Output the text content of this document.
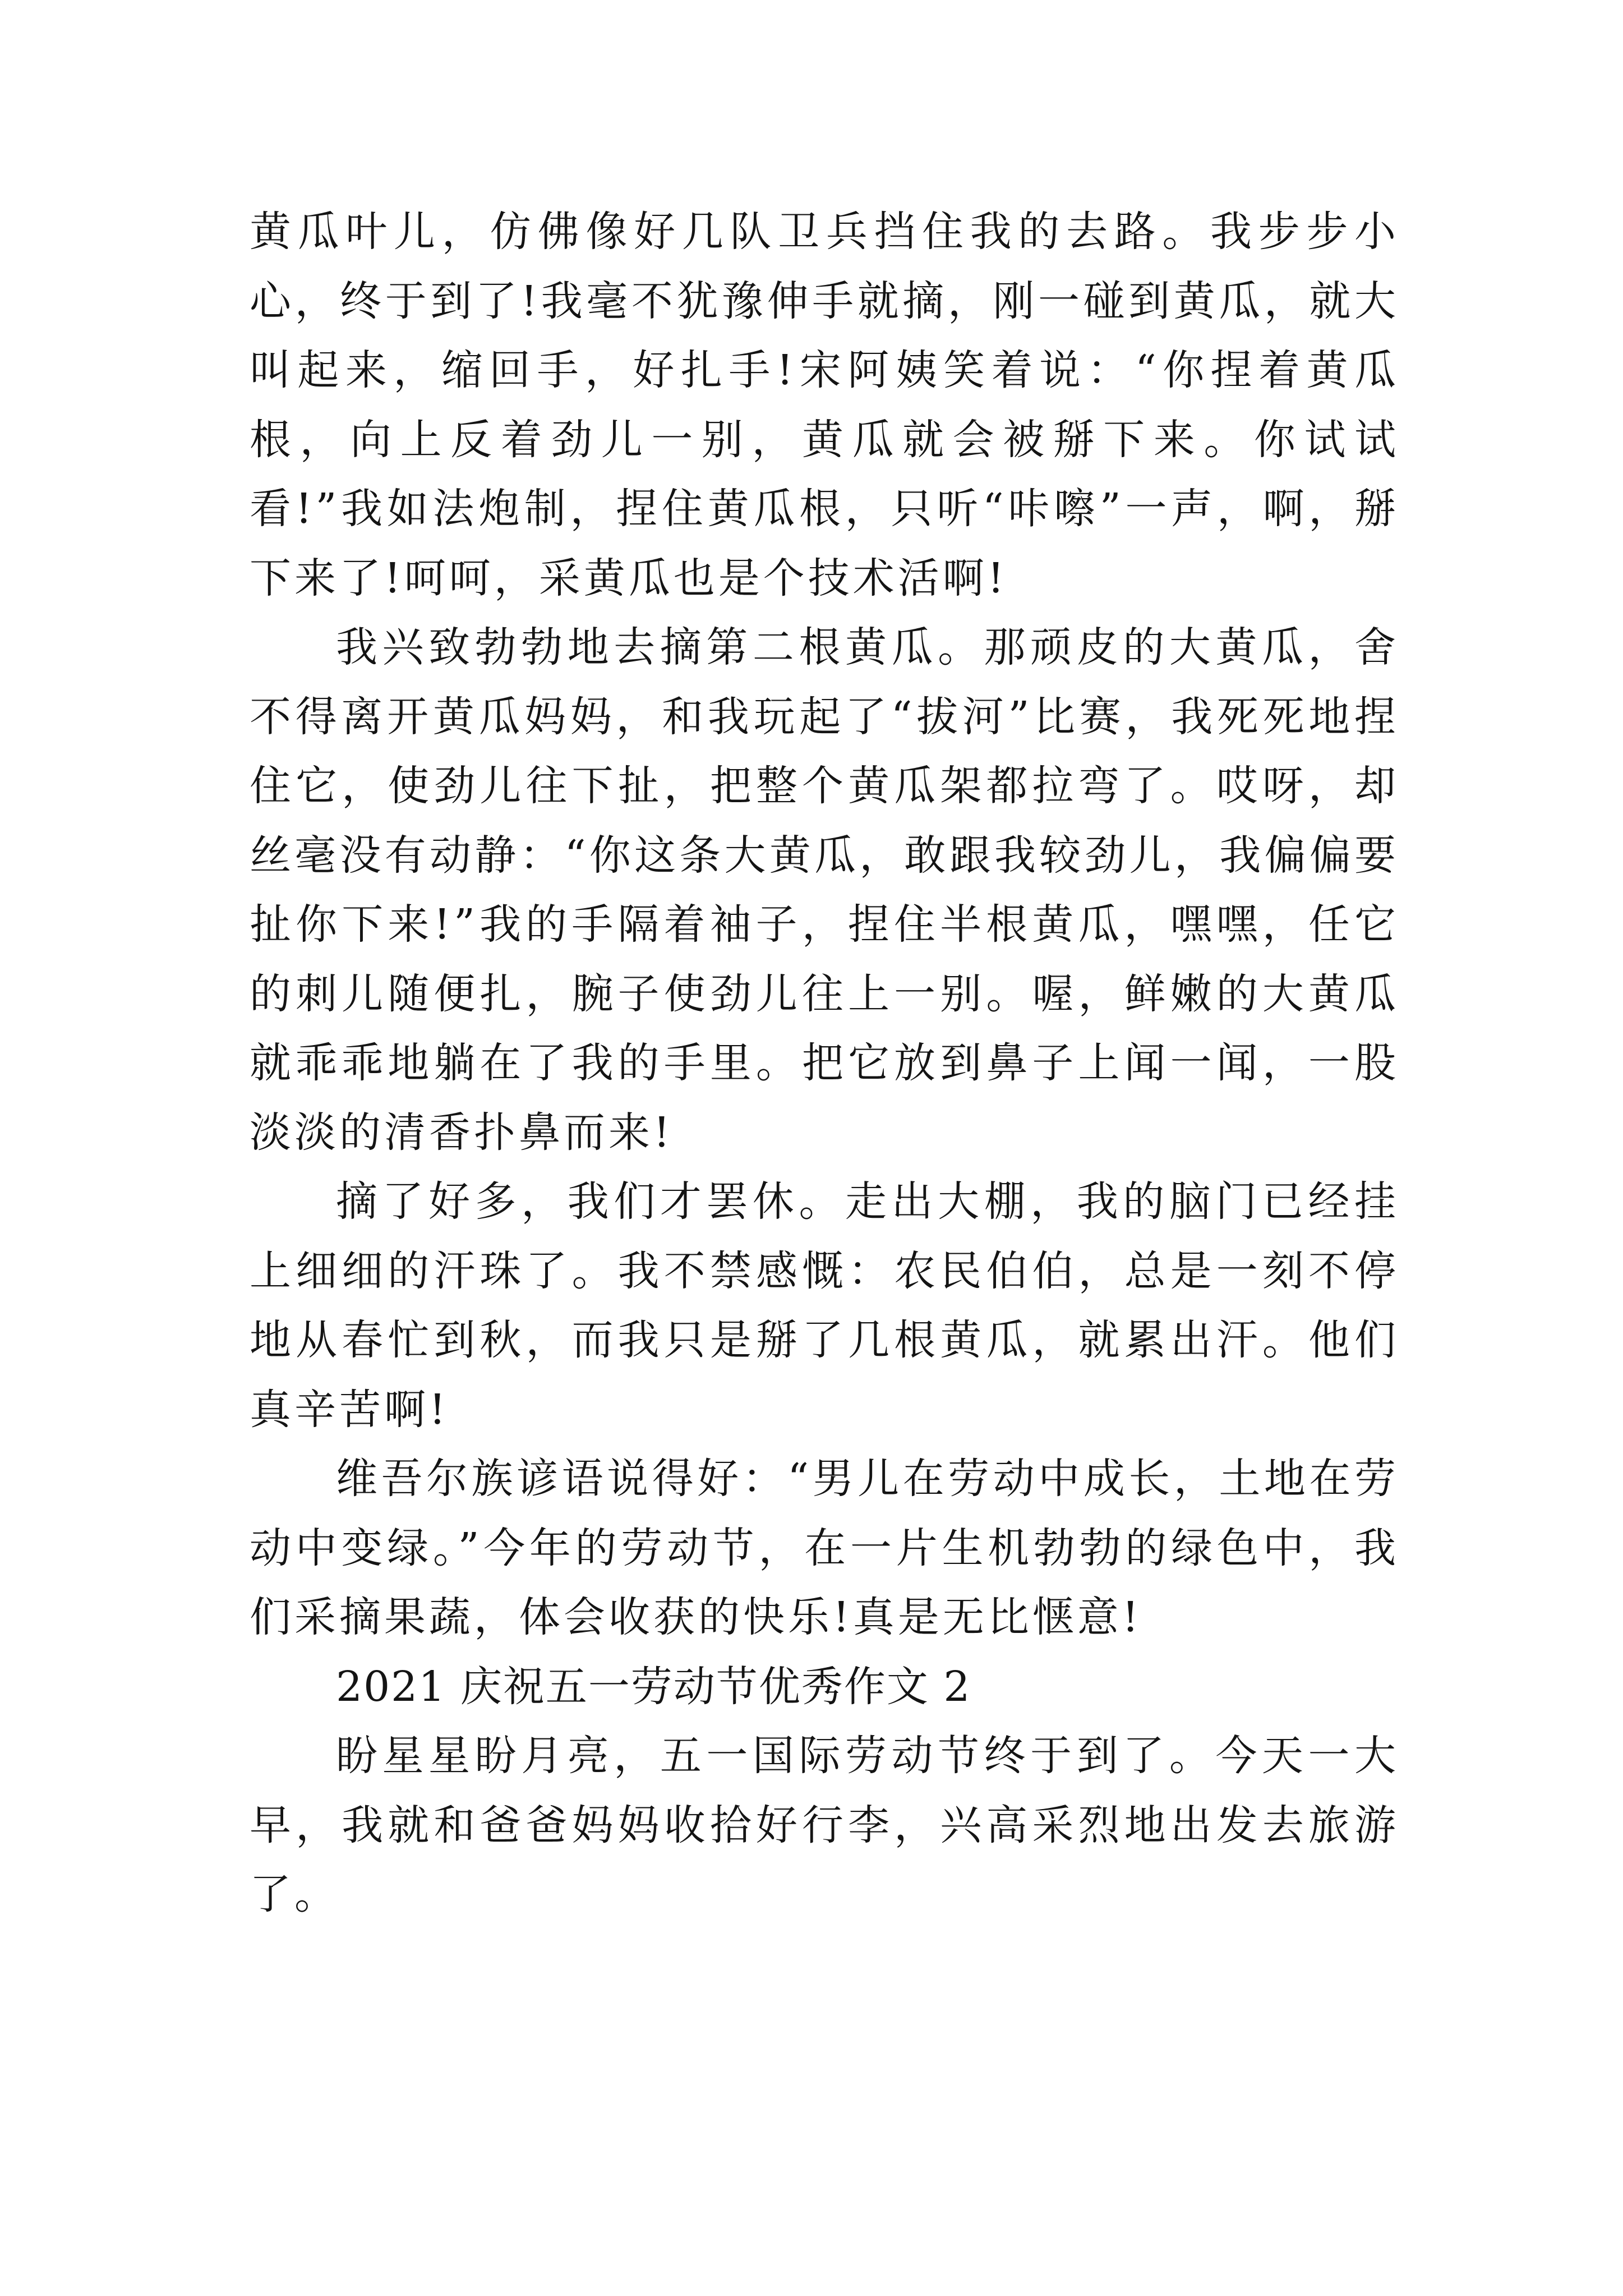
黄瓜叶儿，仿佛像好几队卫兵挡住我的去路。我步步小心，终于到了!我毫不犹豫伸手就摘，刚一碰到黄瓜，就大叫起来，缩回手，好扎手!宋阿姨笑着说：“你捏着黄瓜根，向上反着劲儿一别，黄瓜就会被掰下来。你试试看!”我如法炮制，捏住黄瓜根，只听“咔嚓”一声，啊，掰下来了!呵呵，采黄瓜也是个技术活啊!

我兴致勃勃地去摘第二根黄瓜。那顽皮的大黄瓜，舍不得离开黄瓜妈妈，和我玩起了“拔河”比赛，我死死地捏住它，使劲儿往下扯，把整个黄瓜架都拉弯了。哎呀，却丝毫没有动静：“你这条大黄瓜，敢跟我较劲儿，我偏偏要扯你下来!”我的手隔着袖子，捏住半根黄瓜，嘿嘿，任它的刺儿随便扎，腕子使劲儿往上一别。喔，鲜嫩的大黄瓜就乖乖地躺在了我的手里。把它放到鼻子上闻一闻，一股淡淡的清香扑鼻而来!

摘了好多，我们才罢休。走出大棚，我的脑门已经挂上细细的汗珠了。我不禁感慨：农民伯伯，总是一刻不停地从春忙到秋，而我只是掰了几根黄瓜，就累出汗。他们真辛苦啊!

维吾尔族谚语说得好：“男儿在劳动中成长，土地在劳动中变绿。”今年的劳动节，在一片生机勃勃的绿色中，我们采摘果蔬，体会收获的快乐!真是无比惬意!

2021 庆祝五一劳动节优秀作文 2

盼星星盼月亮，五一国际劳动节终于到了。今天一大早，我就和爸爸妈妈收拾好行李，兴高采烈地出发去旅游了。
